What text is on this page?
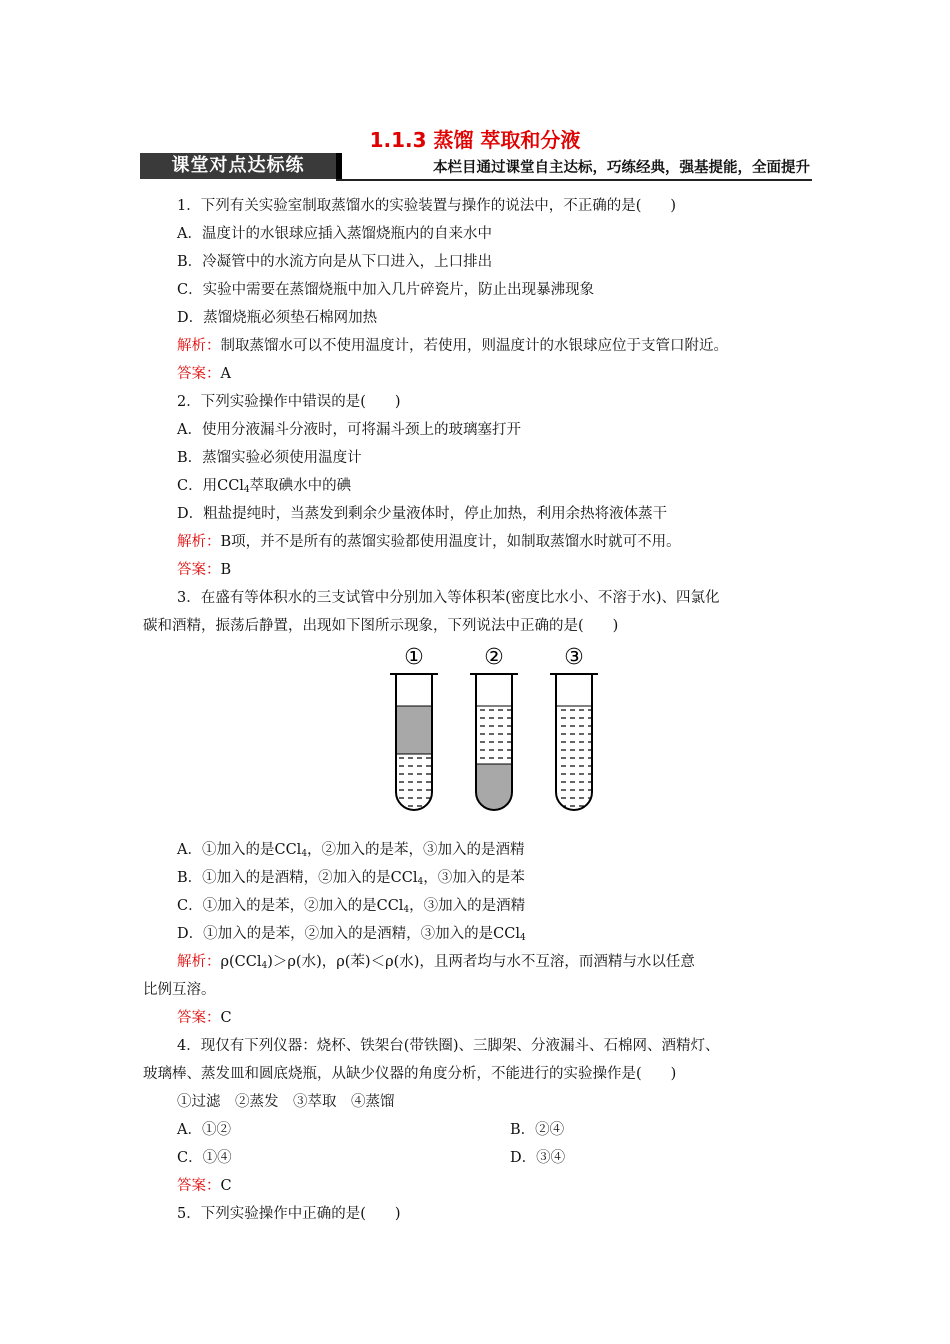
1.1.3 蒸馏 萃取和分液
课堂对点达标练	本栏目通过课堂自主达标，巧练经典，强基提能，全面提升
1．下列有关实验室制取蒸馏水的实验装置与操作的说法中，不正确的是(　　)
A．温度计的水银球应插入蒸馏烧瓶内的自来水中
B．冷凝管中的水流方向是从下口进入，上口排出
C．实验中需要在蒸馏烧瓶中加入几片碎瓷片，防止出现暴沸现象
D．蒸馏烧瓶必须垫石棉网加热
解析：制取蒸馏水可以不使用温度计，若使用，则温度计的水银球应位于支管口附近。
答案：A
2．下列实验操作中错误的是(　　)
A．使用分液漏斗分液时，可将漏斗颈上的玻璃塞打开
B．蒸馏实验必须使用温度计
C．用CCl$_4$萃取碘水中的碘
D．粗盐提纯时，当蒸发到剩余少量液体时，停止加热，利用余热将液体蒸干
解析：B项，并不是所有的蒸馏实验都使用温度计，如制取蒸馏水时就可不用。
答案：B
3．在盛有等体积水的三支试管中分别加入等体积苯(密度比水小、不溶于水)、四氯化
碳和酒精，振荡后静置，出现如下图所示现象，下列说法中正确的是(　　)
①	②	③
A．①加入的是CCl$_4$，②加入的是苯，③加入的是酒精
B．①加入的是酒精，②加入的是CCl$_4$，③加入的是苯
C．①加入的是苯，②加入的是CCl$_4$，③加入的是酒精
D．①加入的是苯，②加入的是酒精，③加入的是CCl$_4$
解析：ρ(CCl$_4$)＞ρ(水)，ρ(苯)＜ρ(水)，且两者均与水不互溶，而酒精与水以任意
比例互溶。
答案：C
4．现仅有下列仪器：烧杯、铁架台(带铁圈)、三脚架、分液漏斗、石棉网、酒精灯、
玻璃棒、蒸发皿和圆底烧瓶，从缺少仪器的角度分析，不能进行的实验操作是(　　)
①过滤　②蒸发　③萃取　④蒸馏
A．①②	B．②④
C．①④	D．③④
答案：C
5．下列实验操作中正确的是(　　)
